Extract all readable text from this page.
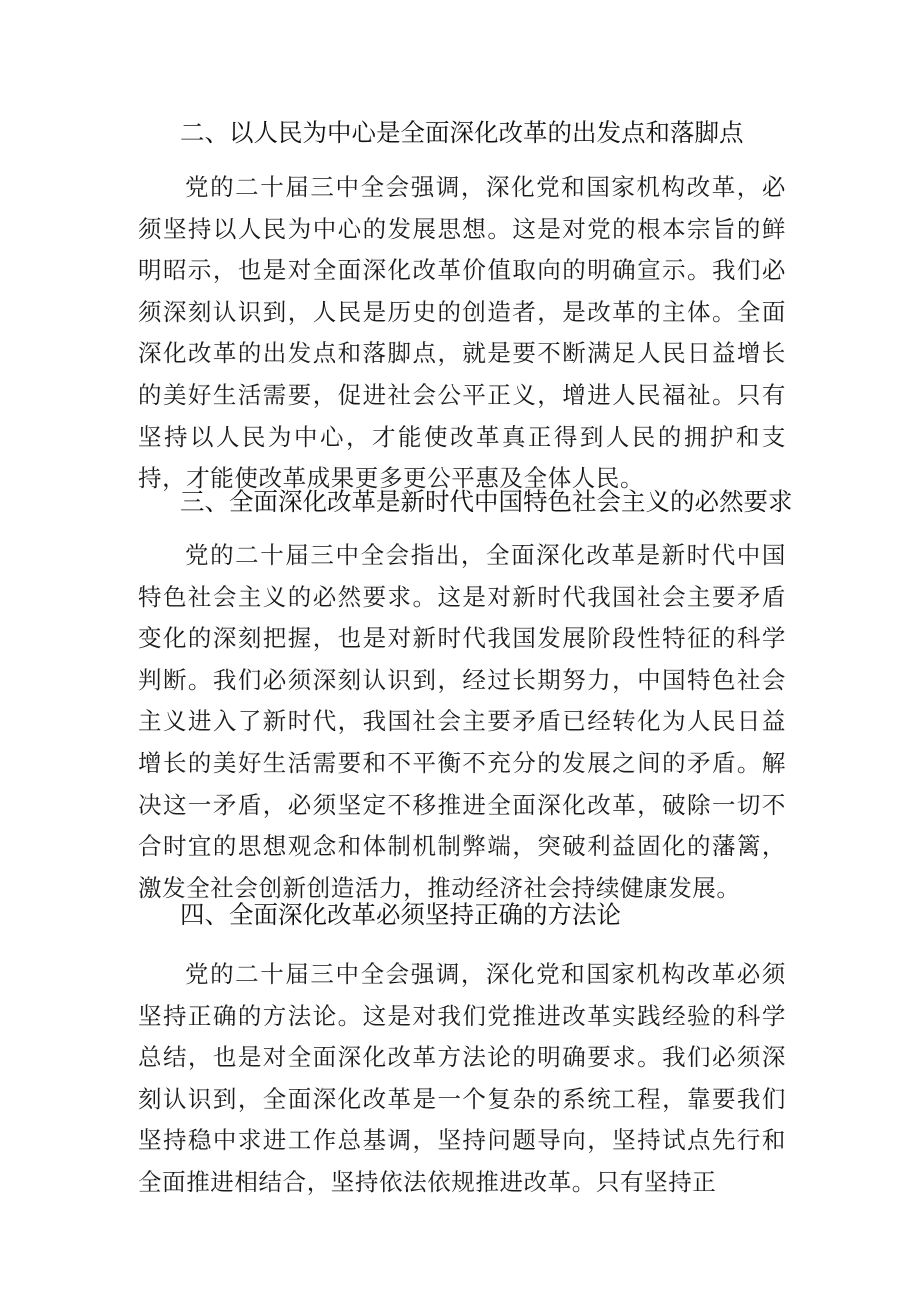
二、以人民为中心是全面深化改革的出发点和落脚点

党的二十届三中全会强调，深化党和国家机构改革，必须坚持以人民为中心的发展思想。这是对党的根本宗旨的鲜明昭示，也是对全面深化改革价值取向的明确宣示。我们必须深刻认识到，人民是历史的创造者，是改革的主体。全面深化改革的出发点和落脚点，就是要不断满足人民日益增长的美好生活需要，促进社会公平正义，增进人民福祉。只有坚持以人民为中心，才能使改革真正得到人民的拥护和支持，才能使改革成果更多更公平惠及全体人民。

三、全面深化改革是新时代中国特色社会主义的必然要求

党的二十届三中全会指出，全面深化改革是新时代中国特色社会主义的必然要求。这是对新时代我国社会主要矛盾变化的深刻把握，也是对新时代我国发展阶段性特征的科学判断。我们必须深刻认识到，经过长期努力，中国特色社会主义进入了新时代，我国社会主要矛盾已经转化为人民日益增长的美好生活需要和不平衡不充分的发展之间的矛盾。解决这一矛盾，必须坚定不移推进全面深化改革，破除一切不合时宜的思想观念和体制机制弊端，突破利益固化的藩篱，激发全社会创新创造活力，推动经济社会持续健康发展。

四、全面深化改革必须坚持正确的方法论

党的二十届三中全会强调，深化党和国家机构改革必须坚持正确的方法论。这是对我们党推进改革实践经验的科学总结，也是对全面深化改革方法论的明确要求。我们必须深刻认识到，全面深化改革是一个复杂的系统工程，靠要我们坚持稳中求进工作总基调，坚持问题导向，坚持试点先行和全面推进相结合，坚持依法依规推进改革。只有坚持正
